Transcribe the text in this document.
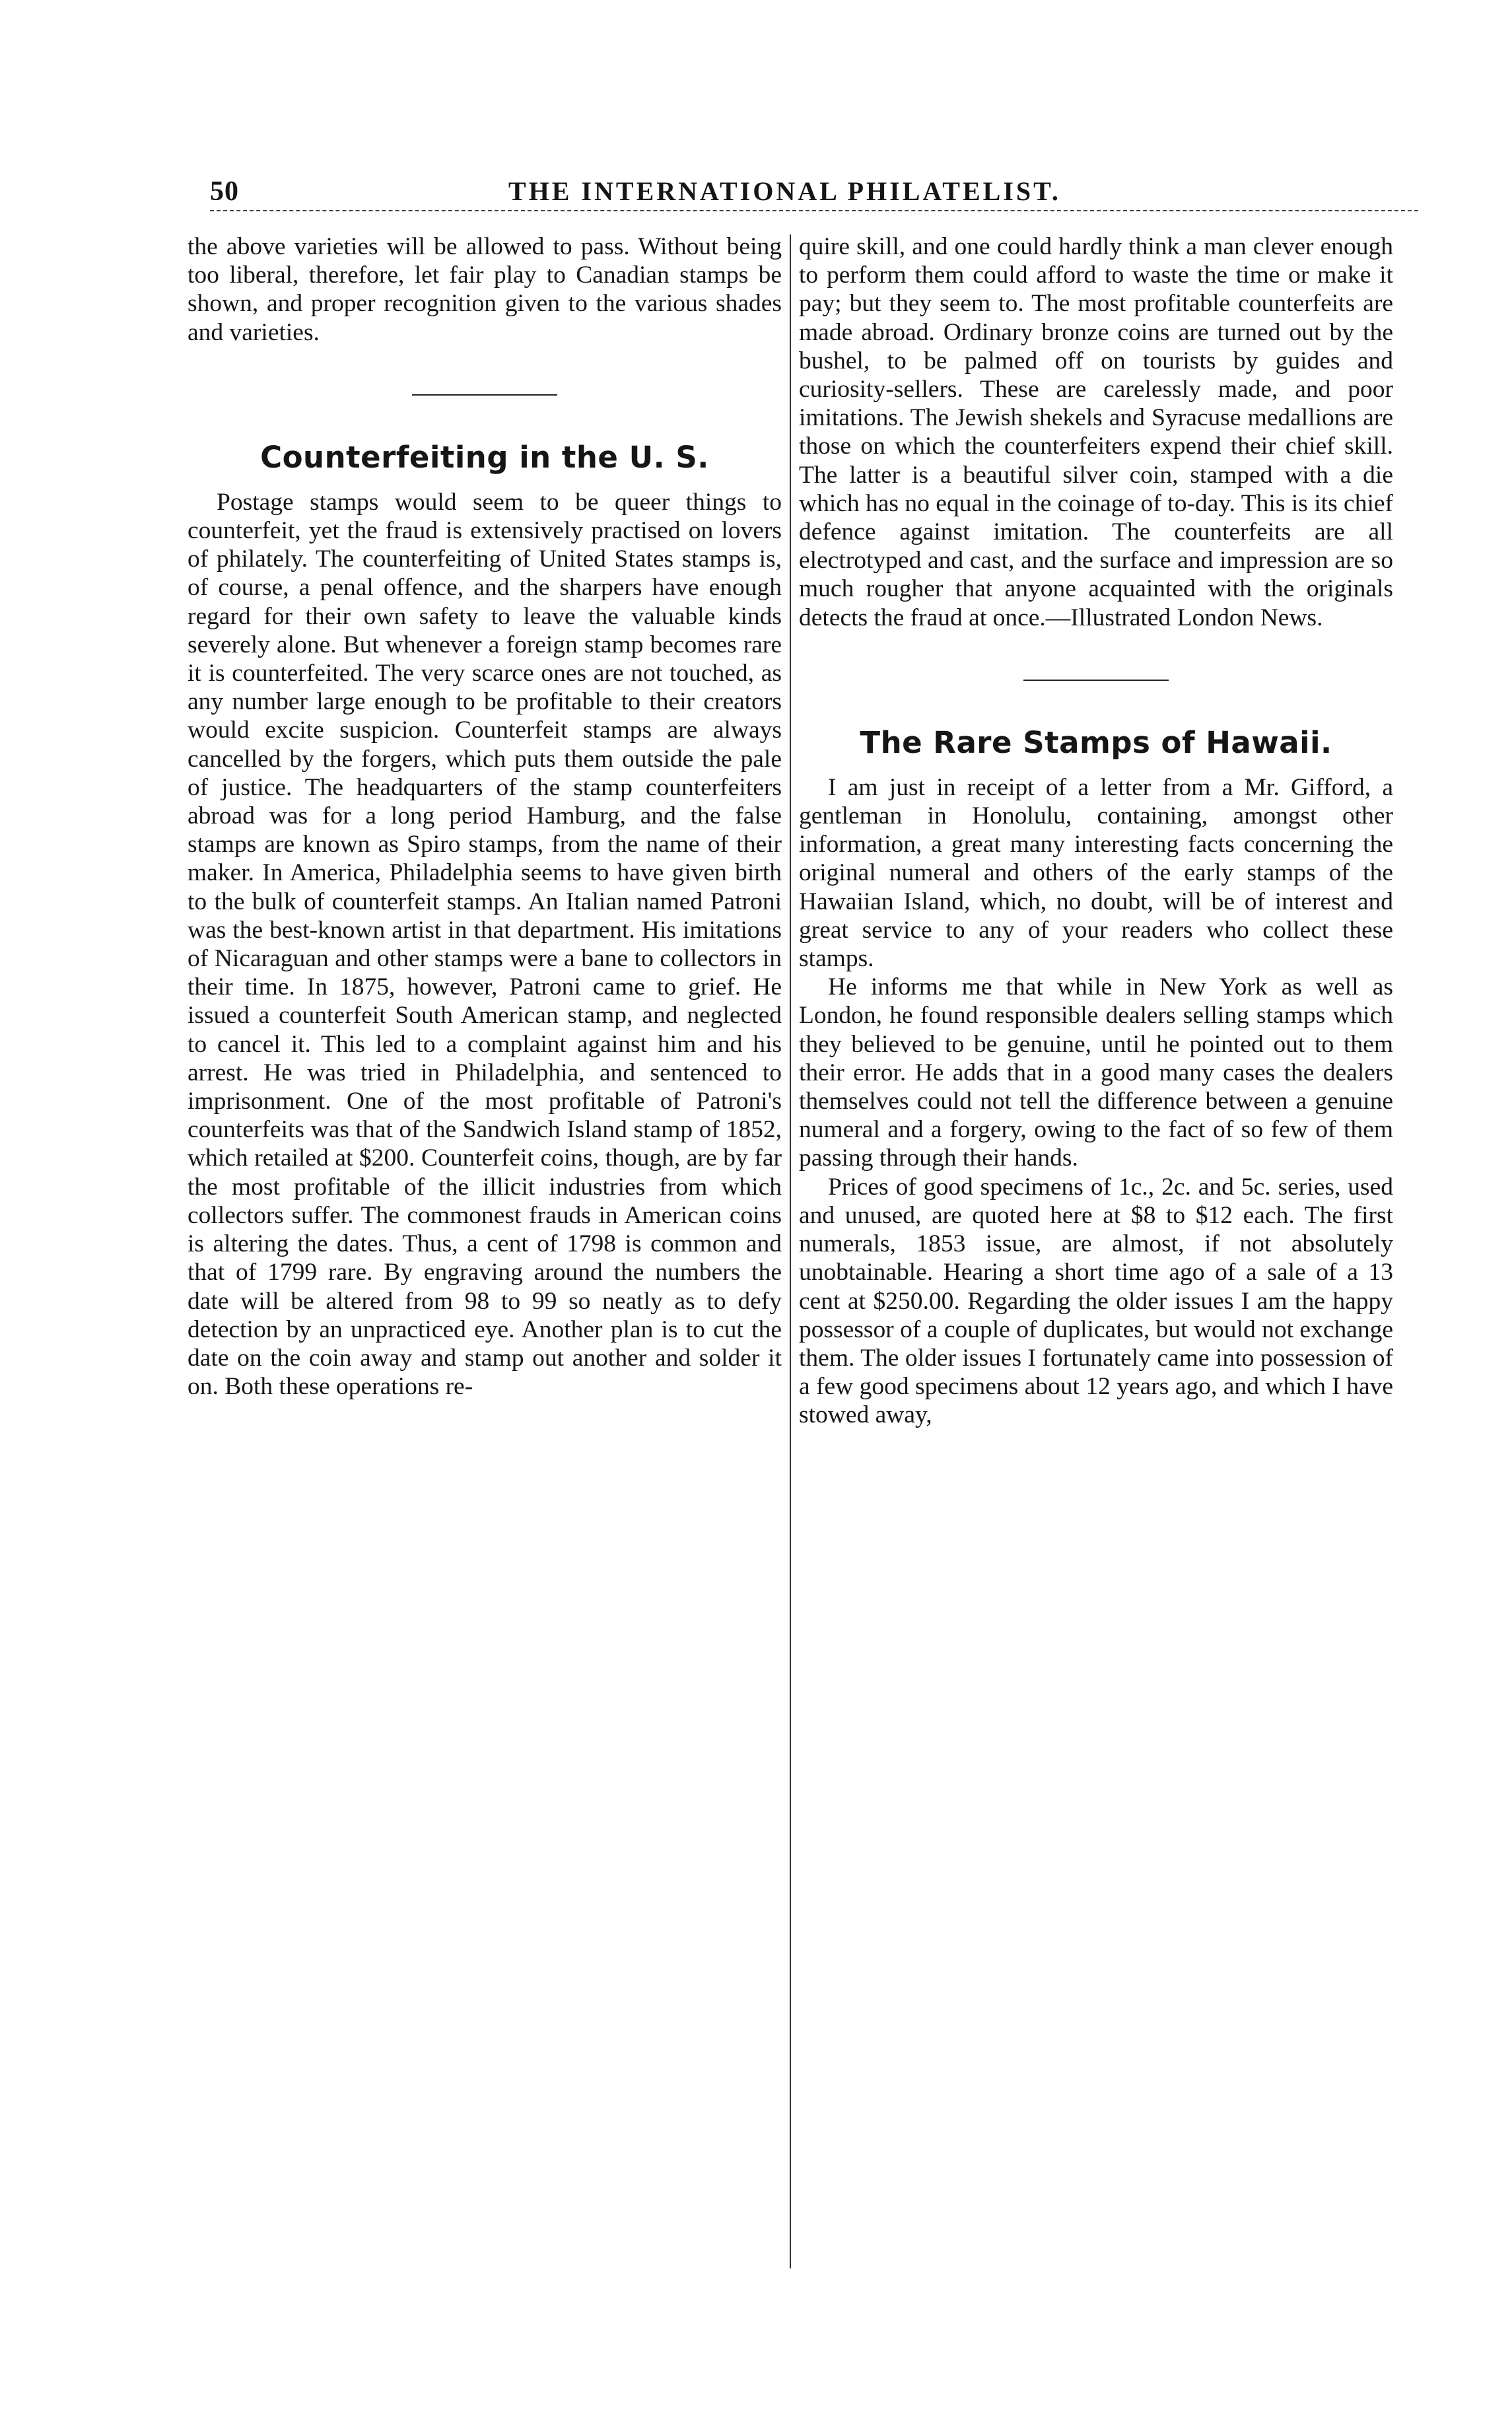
50	THE INTERNATIONAL PHILATELIST.

the above varieties will be allowed to pass. Without being too liberal, therefore, let fair play to Canadian stamps be shown, and proper recognition given to the various shades and varieties.

Counterfeiting in the U. S.

Postage stamps would seem to be queer things to counterfeit, yet the fraud is extensively practised on lovers of philately. The counterfeiting of United States stamps is, of course, a penal offence, and the sharpers have enough regard for their own safety to leave the valuable kinds severely alone. But whenever a foreign stamp becomes rare it is counterfeited. The very scarce ones are not touched, as any number large enough to be profitable to their creators would excite suspicion. Counterfeit stamps are always cancelled by the forgers, which puts them outside the pale of justice. The headquarters of the stamp counterfeiters abroad was for a long period Hamburg, and the false stamps are known as Spiro stamps, from the name of their maker. In America, Philadelphia seems to have given birth to the bulk of counterfeit stamps. An Italian named Patroni was the best-known artist in that department. His imitations of Nicaraguan and other stamps were a bane to collectors in their time. In 1875, however, Patroni came to grief. He issued a counterfeit South American stamp, and neglected to cancel it. This led to a complaint against him and his arrest. He was tried in Philadelphia, and sentenced to imprisonment. One of the most profitable of Patroni's counterfeits was that of the Sandwich Island stamp of 1852, which retailed at $200. Counterfeit coins, though, are by far the most profitable of the illicit industries from which collectors suffer. The commonest frauds in American coins is altering the dates. Thus, a cent of 1798 is common and that of 1799 rare. By engraving around the numbers the date will be altered from 98 to 99 so neatly as to defy detection by an unpracticed eye. Another plan is to cut the date on the coin away and stamp out another and solder it on. Both these operations re-

quire skill, and one could hardly think a man clever enough to perform them could afford to waste the time or make it pay; but they seem to. The most profitable counterfeits are made abroad. Ordinary bronze coins are turned out by the bushel, to be palmed off on tourists by guides and curiosity-sellers. These are carelessly made, and poor imitations. The Jewish shekels and Syracuse medallions are those on which the counterfeiters expend their chief skill. The latter is a beautiful silver coin, stamped with a die which has no equal in the coinage of to-day. This is its chief defence against imitation. The counterfeits are all electrotyped and cast, and the surface and impression are so much rougher that anyone acquainted with the originals detects the fraud at once.—Illustrated London News.

The Rare Stamps of Hawaii.

I am just in receipt of a letter from a Mr. Gifford, a gentleman in Honolulu, containing, amongst other information, a great many interesting facts concerning the original numeral and others of the early stamps of the Hawaiian Island, which, no doubt, will be of interest and great service to any of your readers who collect these stamps.

He informs me that while in New York as well as London, he found responsible dealers selling stamps which they believed to be genuine, until he pointed out to them their error. He adds that in a good many cases the dealers themselves could not tell the difference between a genuine numeral and a forgery, owing to the fact of so few of them passing through their hands.

Prices of good specimens of 1c., 2c. and 5c. series, used and unused, are quoted here at $8 to $12 each. The first numerals, 1853 issue, are almost, if not absolutely unobtainable. Hearing a short time ago of a sale of a 13 cent at $250.00. Regarding the older issues I am the happy possessor of a couple of duplicates, but would not exchange them. The older issues I fortunately came into possession of a few good specimens about 12 years ago, and which I have stowed away,
